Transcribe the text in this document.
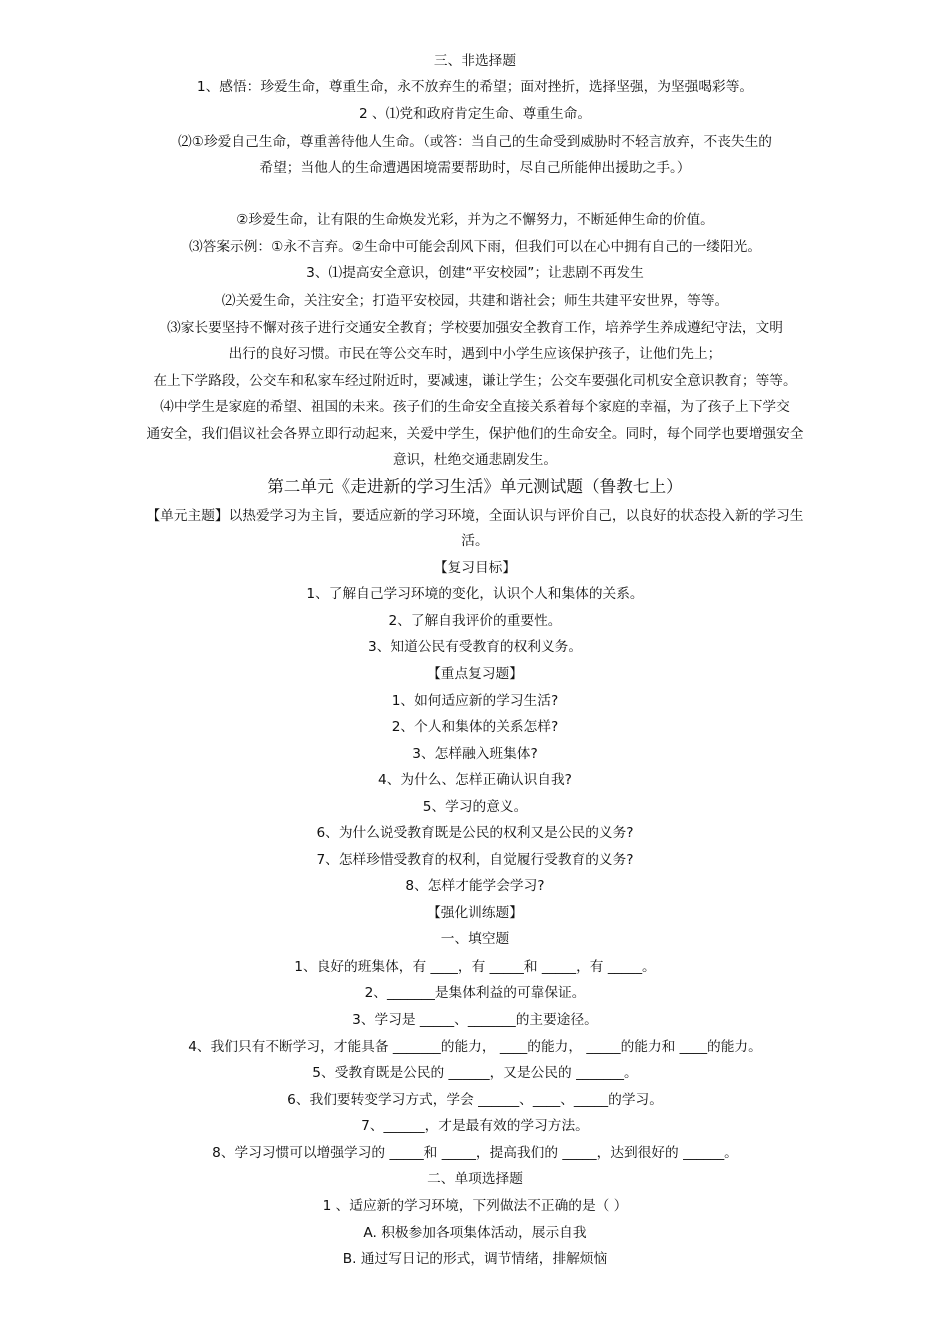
三、非选择题
1、感悟：珍爱生命，尊重生命，永不放弃生的希望；面对挫折，选择坚强，为坚强喝彩等。
2 、⑴党和政府肯定生命、尊重生命。
⑵①珍爱自己生命，尊重善待他人生命。（或答：当自己的生命受到威胁时不轻言放弃，不丧失生的
希望；当他人的生命遭遇困境需要帮助时，尽自己所能伸出援助之手。）
②珍爱生命，让有限的生命焕发光彩，并为之不懈努力，不断延伸生命的价值。
⑶答案示例：①永不言弃。②生命中可能会刮风下雨，但我们可以在心中拥有自己的一缕阳光。
3、⑴提高安全意识，创建“平安校园”；让悲剧不再发生
⑵关爱生命，关注安全；打造平安校园，共建和谐社会；师生共建平安世界，等等。
⑶家长要坚持不懈对孩子进行交通安全教育；学校要加强安全教育工作，培养学生养成遵纪守法，文明
出行的良好习惯。市民在等公交车时，遇到中小学生应该保护孩子，让他们先上；
在上下学路段，公交车和私家车经过附近时，要减速，谦让学生；公交车要强化司机安全意识教育；等等。
⑷中学生是家庭的希望、祖国的未来。孩子们的生命安全直接关系着每个家庭的幸福，为了孩子上下学交
通安全，我们倡议社会各界立即行动起来，关爱中学生，保护他们的生命安全。同时，每个同学也要增强安全
意识，杜绝交通悲剧发生。
第二单元《走进新的学习生活》单元测试题（鲁教七上）
【单元主题】以热爱学习为主旨，要适应新的学习环境，全面认识与评价自己，以良好的状态投入新的学习生
活。
【复习目标】
1、了解自己学习环境的变化，认识个人和集体的关系。
2、了解自我评价的重要性。
3、知道公民有受教育的权利义务。
【重点复习题】
1、如何适应新的学习生活?
2、个人和集体的关系怎样?
3、怎样融入班集体?
4、为什么、怎样正确认识自我?
5、学习的意义。
6、为什么说受教育既是公民的权利又是公民的义务?
7、怎样珍惜受教育的权利，自觉履行受教育的义务?
8、怎样才能学会学习?
【强化训练题】
一、填空题
1、良好的班集体，有 ____，有 _____和 _____，有 _____。
2、_______是集体利益的可靠保证。
3、学习是 _____、_______的主要途径。
4、我们只有不断学习，才能具备 _______的能力， ____的能力， _____的能力和 ____的能力。
5、受教育既是公民的 ______，又是公民的 _______。
6、我们要转变学习方式，学会 ______、____、_____的学习。
7、______，才是最有效的学习方法。
8、学习习惯可以增强学习的 _____和 _____，提高我们的 _____，达到很好的 ______。
二、单项选择题
1 、适应新的学习环境，下列做法不正确的是（ ）
A. 积极参加各项集体活动，展示自我
B. 通过写日记的形式，调节情绪，排解烦恼
